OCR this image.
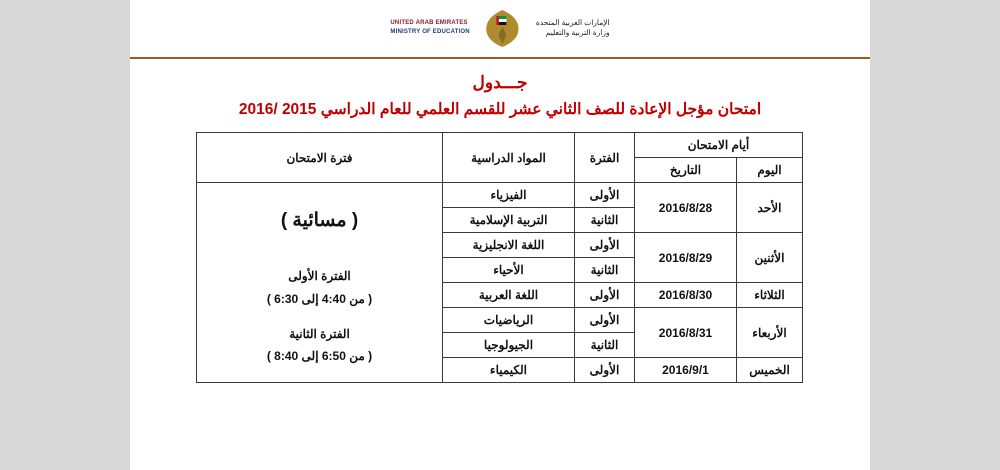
UNITED ARAB EMIRATES
MINISTRY OF EDUCATION
الإمارات العربية المتحدة
وزارة التربية والتعليم
جـــدول
امتحان مؤجل الإعادة للصف الثاني عشر للقسم العلمي للعام الدراسي 2015 /2016
أيام الامتحان		الفترة	المواد الدراسية	فترة الامتحان
اليوم	التاريخ			
الأحد	2016/8/28	الأولى	الفيزياء	( مسائية )
الفترة الأولى
( من 4:40 إلى 6:30 )
الفترة الثانية
( من 6:50 إلى 8:40 )

		الثانية	التربية الإسلامية	
الأثنين	2016/8/29	الأولى	اللغة الانجليزية	
		الثانية	الأحياء	
الثلاثاء	2016/8/30	الأولى	اللغة العربية	
الأربعاء	2016/8/31	الأولى	الرياضيات	
		الثانية	الجيولوجيا	
الخميس	2016/9/1	الأولى	الكيمياء	
